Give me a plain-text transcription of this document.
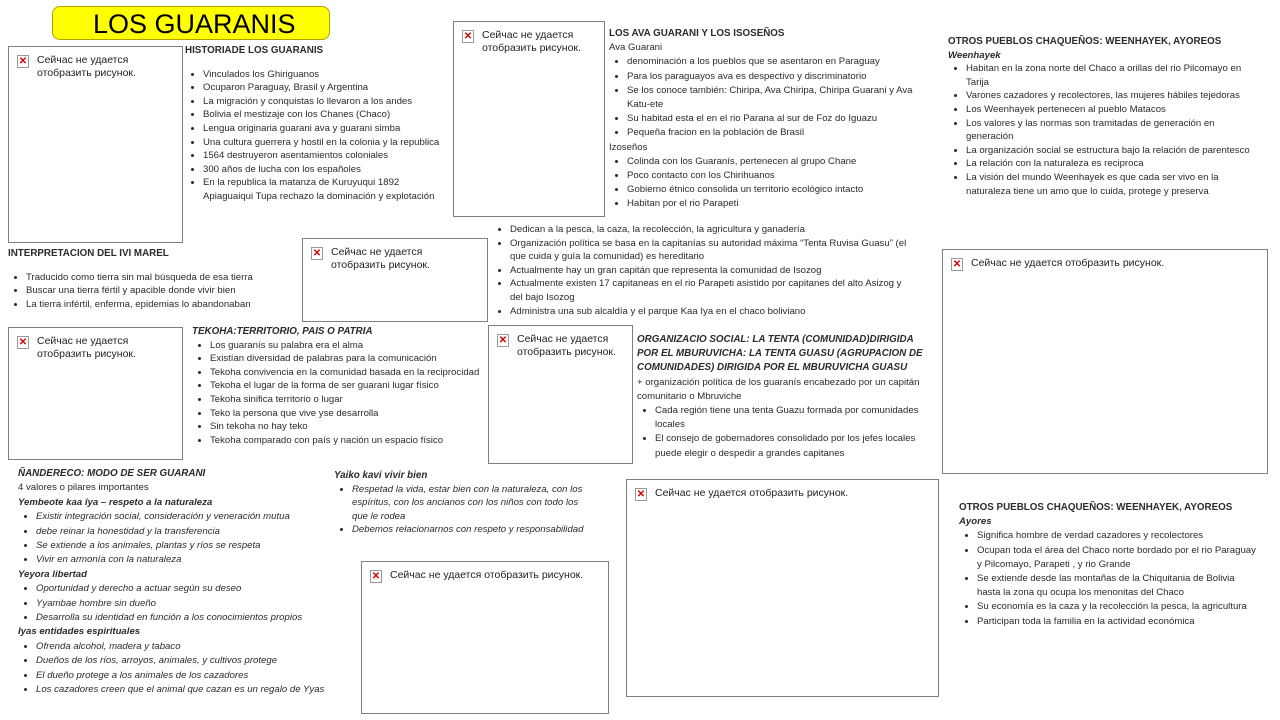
LOS GUARANIS
✕ Сейчас не удается
отобразить рисунок.
✕ Сейчас не удается
отобразить рисунок.
✕ Сейчас не удается
отобразить рисунок.
✕ Сейчас не удается
отобразить рисунок.
✕ Сейчас не удается
отобразить рисунок.
✕ Сейчас не удается отобразить рисунок.
✕ Сейчас не удается отобразить рисунок.
✕ Сейчас не удается отобразить рисунок.
HISTORIADE LOS GUARANIS
• Vinculados los Ghiriguanos
• Ocuparon Paraguay, Brasil y Argentina
• La migración y conquistas lo llevaron a los andes
• Bolivia el mestizaje con los Chanes (Chaco)
• Lengua originaria guarani ava y guarani simba
• Una cultura guerrera y hostil en la colonia y la republica
• 1564 destruyeron asentamientos coloniales
• 300 años de lucha con los españoles
• En la republica la matanza de Kuruyuqui 1892 Apiaguaiqui Tupa rechazo la dominación y explotación
INTERPRETACION DEL IVI MAREL
• Traducido como tierra sin mal búsqueda de esa tierra
• Buscar una tierra fértil y apacible donde vivir bien
• La tierra infértil, enferma, epidemias lo abandonaban
TEKOHA:TERRITORIO, PAIS O PATRIA
• Los guaranís su palabra era el alma
• Existían diversidad de palabras para la comunicación
• Tekoha convivencia en la comunidad basada en la reciprocidad
• Tekoha el lugar de la forma de ser guarani lugar físico
• Tekoha sinifica territorio o lugar
• Teko la persona que vive yse desarrolla
• Sin tekoha no hay teko
• Tekoha comparado con país y nación un espacio físico
ÑANDERECO: MODO DE SER GUARANI
4 valores o pilares importantes
Yembeote kaa îya – respeto a la naturaleza
• Existir integración social, consideración y veneración mutua
• debe reinar la honestidad y la transferencia
• Se extiende a los animales, plantas y ríos se respeta
• Vivir en armonía con la naturaleza
Yeyora libertad
• Oportunidad y derecho a actuar según su deseo
• Yyambae hombre sin dueño
• Desarrolla su identidad en función a los conocimientos propios
Iyas entidades espirituales
• Ofrenda alcohol, madera y tabaco
• Dueños de los ríos, arroyos, animales, y cultivos protege
• El dueño protege a los animales de los cazadores
• Los cazadores creen que el animal que cazan es un regalo de Yyas
Yaiko kavi vivir bien
• Respetad la vida, estar bien con la naturaleza, con los espíritus, con los ancianos con los niños con todo los que le rodea
• Debemos relacionarnos con respeto y responsabilidad
LOS AVA GUARANI Y LOS ISOSEÑOS
Ava Guarani
• denominación a los pueblos que se asentaron en Paraguay
• Para los paraguayos ava es despectivo y discriminatorio
• Se los conoce también: Chiripa, Ava Chiripa, Chiripa Guarani y Ava Katu-ete
• Su habitad esta el en el rio Parana al sur de Foz do Iguazu
• Pequeña fracion en la población de Brasil
Izoseños
• Colinda con los Guaranís, pertenecen al grupo Chane
• Poco contacto con los Chirihuanos
• Gobierno étnico consolida un territorio ecológico intacto
• Habitan por el rio Parapeti
• Dedican a la pesca, la caza, la recolección, la agricultura y ganadería
• Organización política se basa en la capitanías su autoridad máxima “Tenta Ruvisa Guasu” (el que cuida y guía la comunidad) es hereditario
• Actualmente hay un gran capitán que representa la comunidad de Isozog
• Actualmente existen 17 capitaneas en el rio Parapeti asistido por capitanes del alto Asizog y del bajo Isozog
• Administra una sub alcaldía y el parque Kaa Iya en el chaco boliviano
ORGANIZACIO SOCIAL: LA TENTA (COMUNIDAD)DIRIGIDA POR EL MBURUVICHA: LA TENTA GUASU (AGRUPACION DE COMUNIDADES) DIRIGIDA POR EL MBURUVICHA GUASU
+ organización política de los guaranís encabezado por un capitán comunitario o Mbruviche
• Cada región tiene una tenta Guazu formada por comunidades locales
• El consejo de gobernadores consolidado por los jefes locales puede elegir o despedir a grandes capitanes
OTROS PUEBLOS CHAQUEÑOS: WEENHAYEK, AYOREOS
Weenhayek
• Habitan en la zona norte del Chaco a orillas del rio Pilcomayo en Tarija
• Varones cazadores y recolectores, las mujeres hábiles tejedoras
• Los Weenhayek pertenecen al pueblo Matacos
• Los valores y las normas son tramitadas de generación en generación
• La organización social se estructura bajo la relación de parentesco
• La relación con la naturaleza es reciproca
• La visión del mundo Weenhayek es que cada ser vivo en la naturaleza tiene un amo que lo cuida, protege y preserva
OTROS PUEBLOS CHAQUEÑOS: WEENHAYEK, AYOREOS
Ayores
• Significa hombre de verdad cazadores y recolectores
• Ocupan toda el área del Chaco norte bordado por el rio Paraguay y Pilcomayo, Parapeti , y rio Grande
• Se extiende desde las montañas de la Chiquitania de Bolivia hasta la zona qu ocupa los menonitas del Chaco
• Su economía es la caza y la recolección la pesca, la agricultura
• Participan toda la familia en la actividad económica
